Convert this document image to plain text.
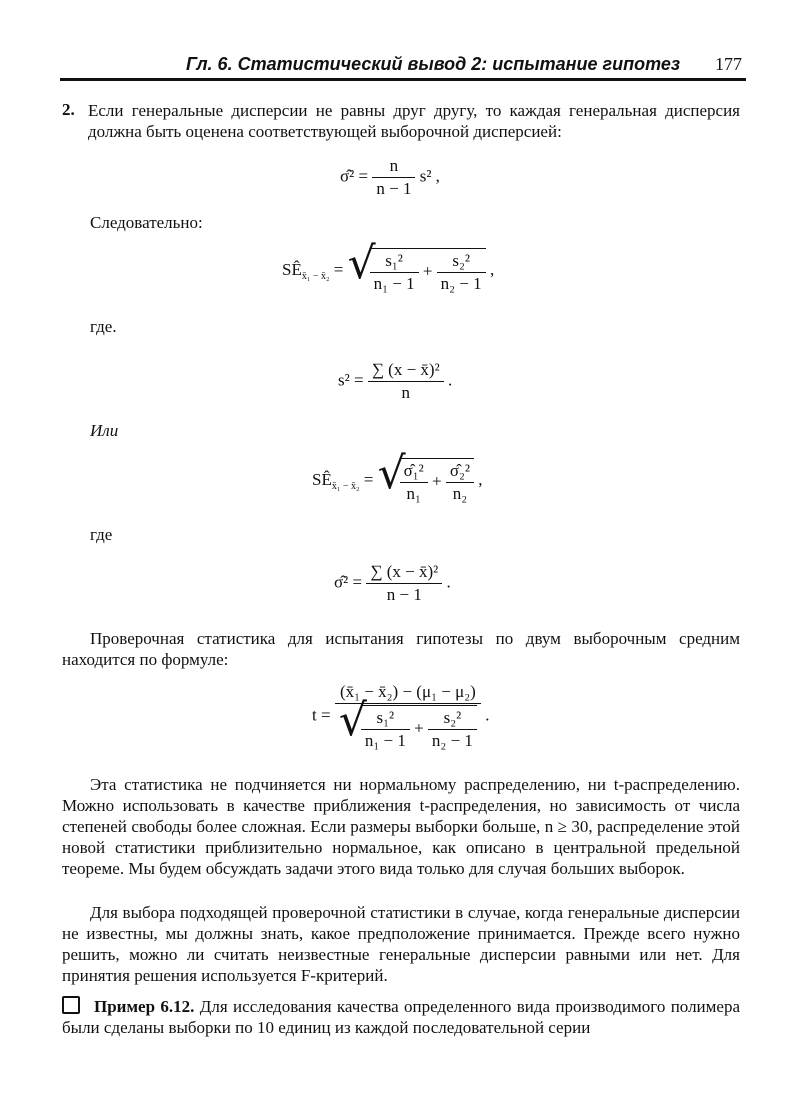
Гл. 6. Статистический вывод 2: испытание гипотез 177
2. Если генеральные дисперсии не равны друг другу, то каждая генеральная дисперсия должна быть оценена соответствующей выборочной дисперсией:
σ̂² = $\frac{n}{n - 1} s^2$ ,
Следовательно:
$SÊ_{x̄_1 - x̄_2}$ = √
$\frac{\text{s₁²}}{\text{n₁ − 1}} + \frac{\text{s₂²}}{\text{n₂ − 1}}$ ,
где.
$s^2 = \frac{\text{∑ (x − x̄)²}}{n}$ .
Или
$SÊ_{x̄_1 - x̄_2}$ = √
$\frac{\text{σ̂₁²}}{\text{n₁}} + \frac{\text{σ̂₂²}}{\text{n₂}}$ ,
где
σ̂² = $\frac{\text{∑ (x − x̄)²}}{n - 1}$ .
Проверочная статистика для испытания гипотезы по двум выборочным средним находится по формуле:
t =
(x̄₁ − x̄₂) − (μ₁ − μ₂)
√
$\frac{\text{s₁²}}{\text{n₁ − 1}} + \frac{\text{s₂²}}{\text{n₂ − 1}}$ .
Эта статистика не подчиняется ни нормальному распределению, ни t-распределению. Можно использовать в качестве приближения t-распределения, но зависимость от числа степеней свободы более сложная. Если размеры выборки больше, n ≥ 30, распределение этой новой статистики приблизительно нормальное, как описано в центральной предельной теореме. Мы будем обсуждать задачи этого вида только для случая больших выборок.
Для выбора подходящей проверочной статистики в случае, когда генеральные дисперсии не известны, мы должны знать, какое предположение принимается. Прежде всего нужно решить, можно ли считать неизвестные генеральные дисперсии равными или нет. Для принятия решения используется F-критерий.
Пример 6.12. Для исследования качества определенного вида производимого полимера были сделаны выборки по 10 единиц из каждой последовательной серии
